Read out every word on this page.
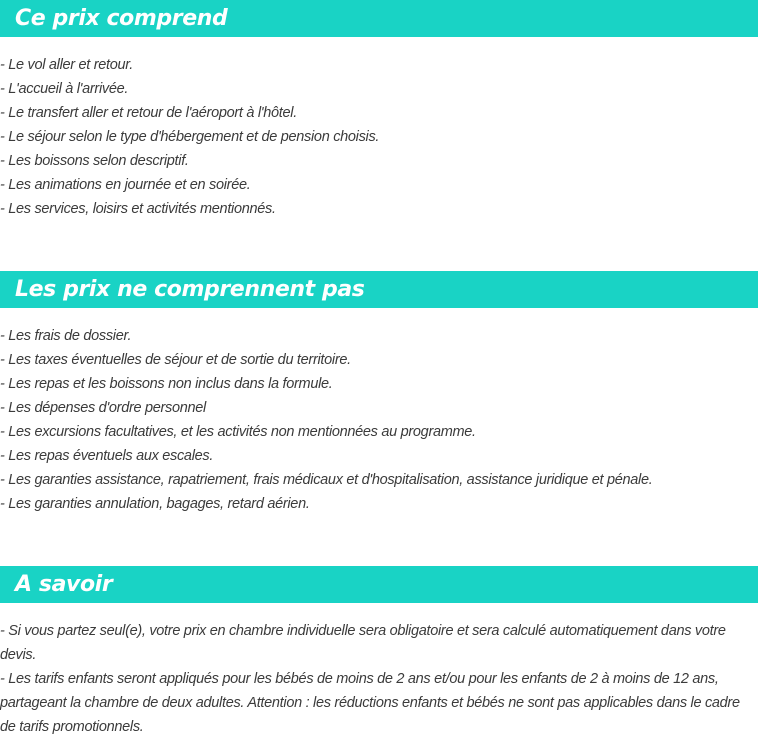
Ce prix comprend
- Le vol aller et retour.
- L'accueil à l'arrivée.
- Le transfert aller et retour de l'aéroport à l'hôtel.
- Le séjour selon le type d'hébergement et de pension choisis.
- Les boissons selon descriptif.
- Les animations en journée et en soirée.
- Les services, loisirs et activités mentionnés.
Les prix ne comprennent pas
- Les frais de dossier.
- Les taxes éventuelles de séjour et de sortie du territoire.
- Les repas et les boissons non inclus dans la formule.
- Les dépenses d'ordre personnel
- Les excursions facultatives, et les activités non mentionnées au programme.
- Les repas éventuels aux escales.
- Les garanties assistance, rapatriement, frais médicaux et d'hospitalisation, assistance juridique et pénale.
- Les garanties annulation, bagages, retard aérien.
A savoir

- Si vous partez seul(e), votre prix en chambre individuelle sera obligatoire et sera calculé automatiquement dans votre devis.

- Les tarifs enfants seront appliqués pour les bébés de moins de 2 ans et/ou pour les enfants de 2 à moins de 12 ans, partageant la chambre de deux adultes. Attention : les réductions enfants et bébés ne sont pas applicables dans le cadre de tarifs promotionnels.
